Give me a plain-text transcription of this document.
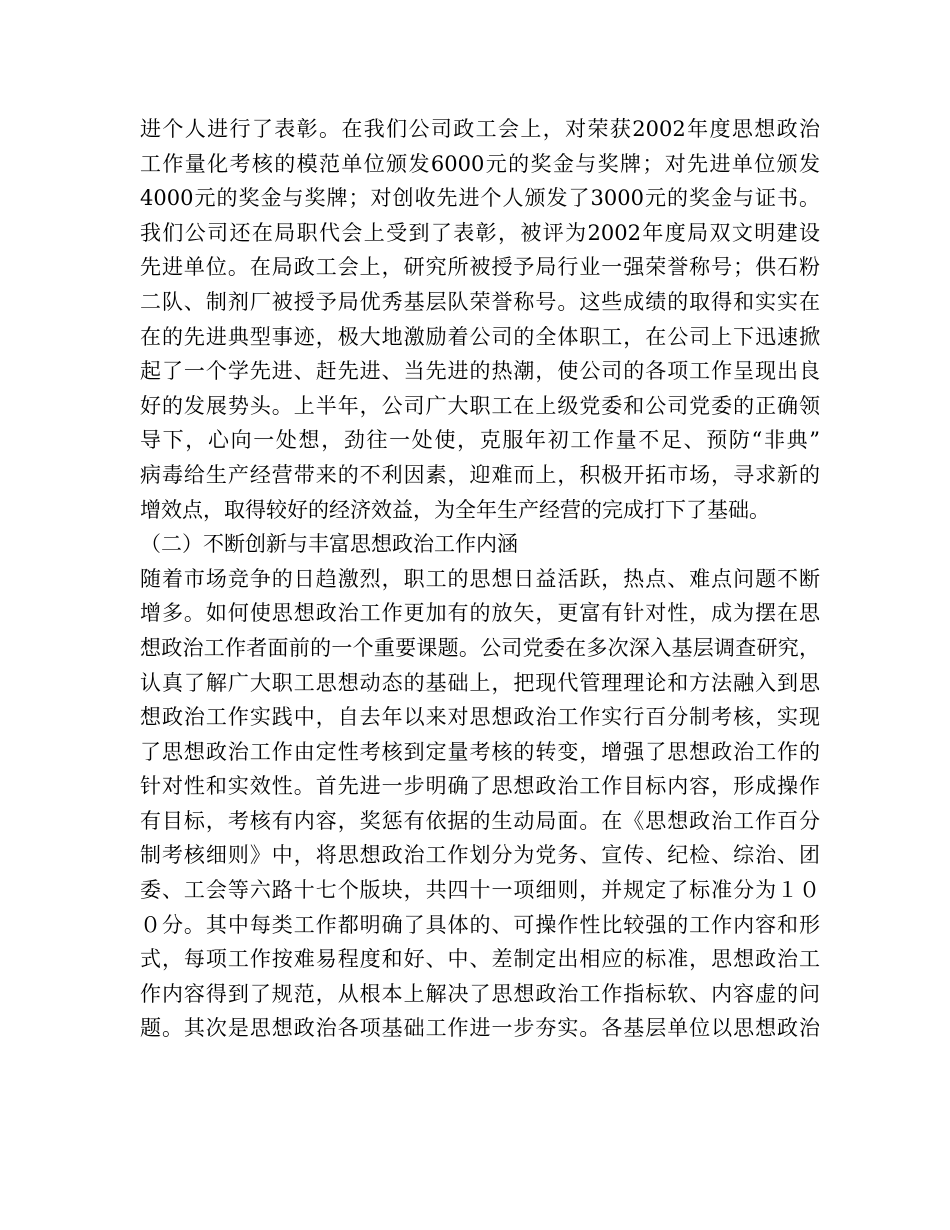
进个人进行了表彰。在我们公司政工会上，对荣获2002年度思想政治
工作量化考核的模范单位颁发6000元的奖金与奖牌；对先进单位颁发
4000元的奖金与奖牌；对创收先进个人颁发了3000元的奖金与证书。
我们公司还在局职代会上受到了表彰，被评为2002年度局双文明建设
先进单位。在局政工会上，研究所被授予局行业一强荣誉称号；供石粉
二队、制剂厂被授予局优秀基层队荣誉称号。这些成绩的取得和实实在
在的先进典型事迹，极大地激励着公司的全体职工，在公司上下迅速掀
起了一个学先进、赶先进、当先进的热潮，使公司的各项工作呈现出良
好的发展势头。上半年，公司广大职工在上级党委和公司党委的正确领
导下，心向一处想，劲往一处使，克服年初工作量不足、预防“非典”
病毒给生产经营带来的不利因素，迎难而上，积极开拓市场，寻求新的
增效点，取得较好的经济效益，为全年生产经营的完成打下了基础。
（二）不断创新与丰富思想政治工作内涵
随着市场竞争的日趋激烈，职工的思想日益活跃，热点、难点问题不断
增多。如何使思想政治工作更加有的放矢，更富有针对性，成为摆在思
想政治工作者面前的一个重要课题。公司党委在多次深入基层调查研究，
认真了解广大职工思想动态的基础上，把现代管理理论和方法融入到思
想政治工作实践中，自去年以来对思想政治工作实行百分制考核，实现
了思想政治工作由定性考核到定量考核的转变，增强了思想政治工作的
针对性和实效性。首先进一步明确了思想政治工作目标内容，形成操作
有目标，考核有内容，奖惩有依据的生动局面。在《思想政治工作百分
制考核细则》中，将思想政治工作划分为党务、宣传、纪检、综治、团
委、工会等六路十七个版块，共四十一项细则，并规定了标准分为１０
０分。其中每类工作都明确了具体的、可操作性比较强的工作内容和形
式，每项工作按难易程度和好、中、差制定出相应的标准，思想政治工
作内容得到了规范，从根本上解决了思想政治工作指标软、内容虚的问
题。其次是思想政治各项基础工作进一步夯实。各基层单位以思想政治
